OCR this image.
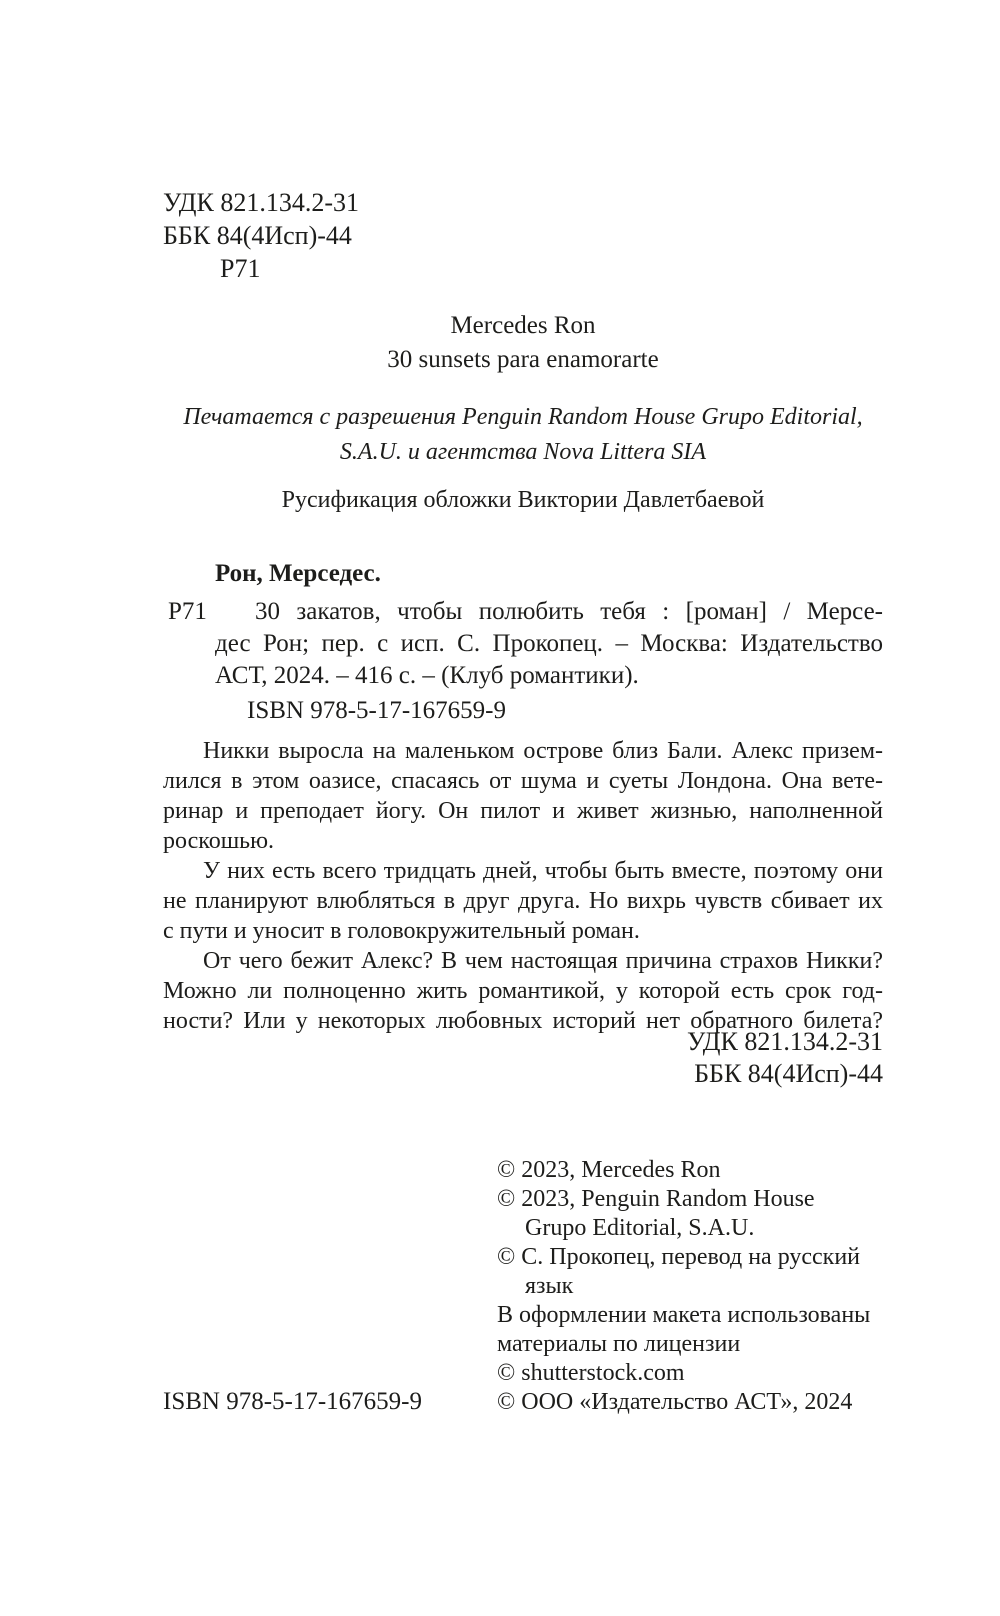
УДК 821.134.2-31
ББК 84(4Исп)-44
Р71
Mercedes Ron
30 sunsets para enamorarte
Печатается с разрешения Penguin Random House Grupo Editorial,
S.A.U. и агентства Nova Littera SIA
Русификация обложки Виктории Давлетбаевой
Рон, Мерседес.
Р71 30 закатов, чтобы полюбить тебя : [роман] / Мерсе-
дес Рон; пер. с исп. С. Прокопец. – Москва: Издательство
АСТ, 2024. – 416 с. – (Клуб романтики).
ISBN 978-5-17-167659-9
Никки выросла на маленьком острове близ Бали. Алекс призем-
лился в этом оазисе, спасаясь от шума и суеты Лондона. Она вете-
ринар и преподает йогу. Он пилот и живет жизнью, наполненной
роскошью.
У них есть всего тридцать дней, чтобы быть вместе, поэтому они
не планируют влюбляться в друг друга. Но вихрь чувств сбивает их
с пути и уносит в головокружительный роман.
От чего бежит Алекс? В чем настоящая причина страхов Никки?
Можно ли полноценно жить романтикой, у которой есть срок год-
ности? Или у некоторых любовных историй нет обратного билета?
УДК 821.134.2-31
ББК 84(4Исп)-44
© 2023, Mercedes Ron
© 2023, Penguin Random House
Grupo Editorial, S.A.U.
© С. Прокопец, перевод на русский
язык
В оформлении макета использованы
материалы по лицензии
© shutterstock.com
© ООО «Издательство АСТ», 2024
ISBN 978-5-17-167659-9
